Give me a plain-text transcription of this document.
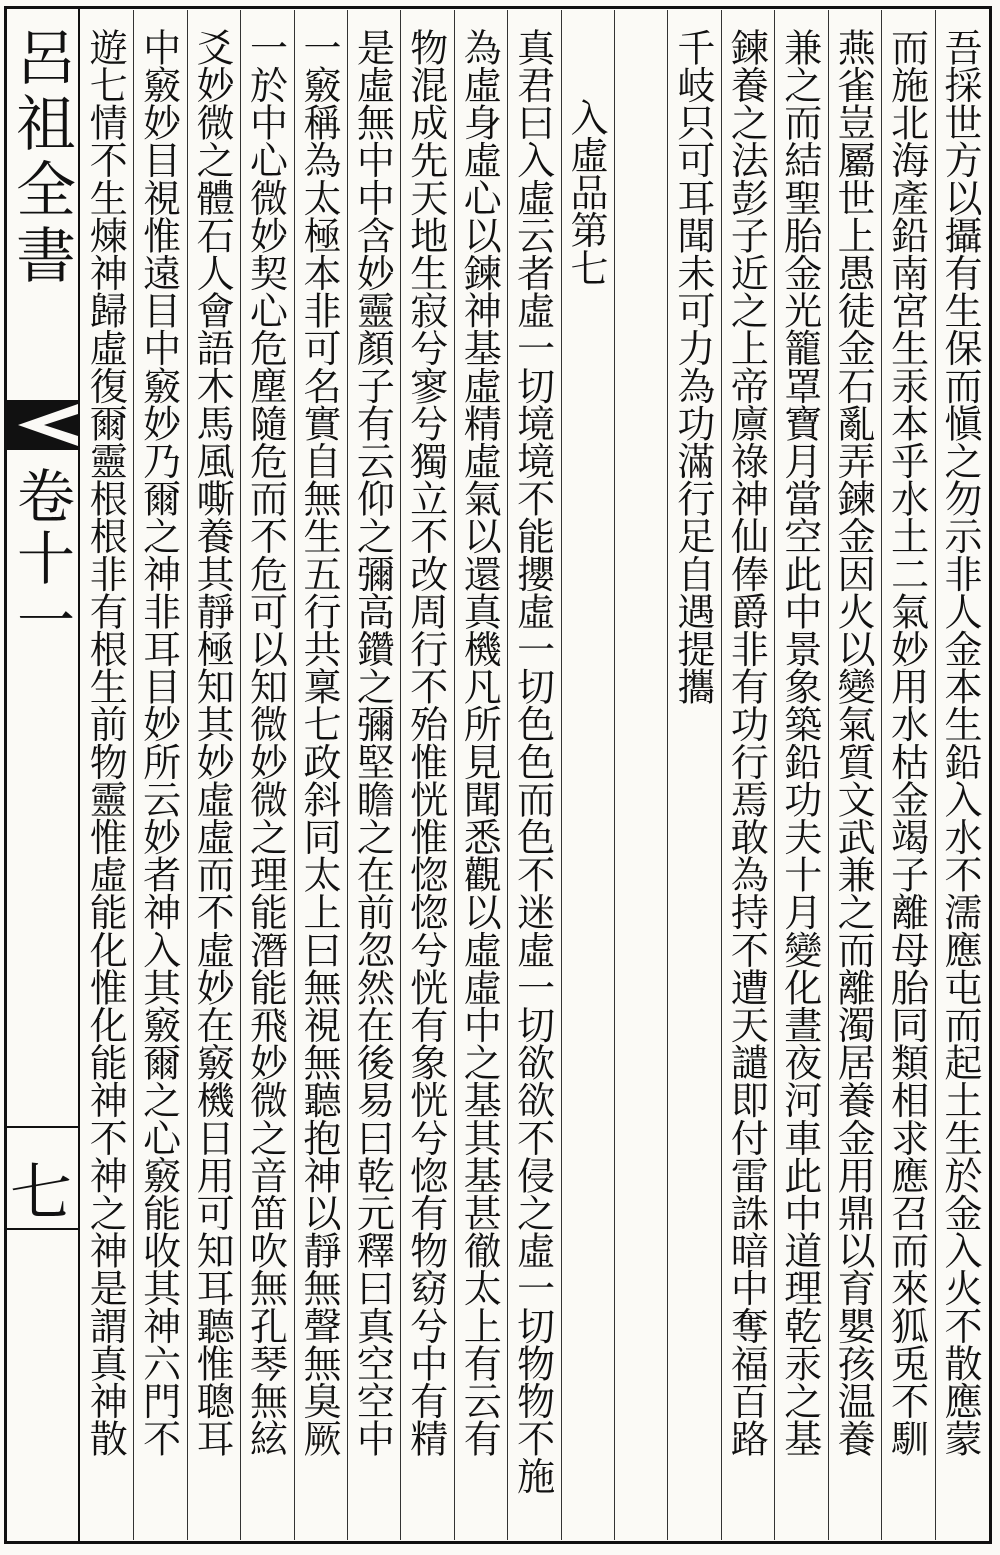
呂祖全書
卷十一
七	吾採世方以攝有生保而愼之勿示非人金本生鉛入水不濡應屯而起土生於金入火不散應蒙
而施北海產鉛南宮生汞本乎水土二氣妙用水枯金竭子離母胎同類相求應召而來狐兎不馴
燕雀豈屬世上愚徒金石亂弄鍊金因火以變氣質文武兼之而離濁居養金用鼎以育嬰孩温養
兼之而結聖胎金光籠罩寶月當空此中景象築鉛功夫十月變化晝夜河車此中道理乾汞之基
鍊養之法彭子近之上帝廪祿神仙俸爵非有功行焉敢為持不遭天譴即付雷誅暗中奪福百路
千岐只可耳聞未可力為功滿行足自遇提攜
入虛品第七
真君曰入虛云者虛一切境境不能攖虛一切色色而色不迷虛一切欲欲不侵之虛一切物物不施
為虛身虛心以鍊神基虛精虛氣以還真機凡所見聞悉觀以虛虛中之基其基甚徹太上有云有
物混成先天地生寂兮寥兮獨立不改周行不殆惟恍惟惚惚兮恍有象恍兮惚有物窈兮中有精
是虛無中中含妙靈顏子有云仰之彌高鑽之彌堅瞻之在前忽然在後易曰乾元釋曰真空空中
一竅稱為太極本非可名實自無生五行共稟七政斜同太上曰無視無聽抱神以靜無聲無臭厥
一於中心微妙契心危塵隨危而不危可以知微妙微之理能潛能飛妙微之音笛吹無孔琴無絃
爻妙微之體石人會語木馬風嘶養其靜極知其妙虛虛而不虛妙在竅機日用可知耳聽惟聰耳
中竅妙目視惟遠目中竅妙乃爾之神非耳目妙所云妙者神入其竅爾之心竅能收其神六門不
遊七情不生煉神歸虛復爾靈根根非有根生前物靈惟虛能化惟化能神不神之神是謂真神散
